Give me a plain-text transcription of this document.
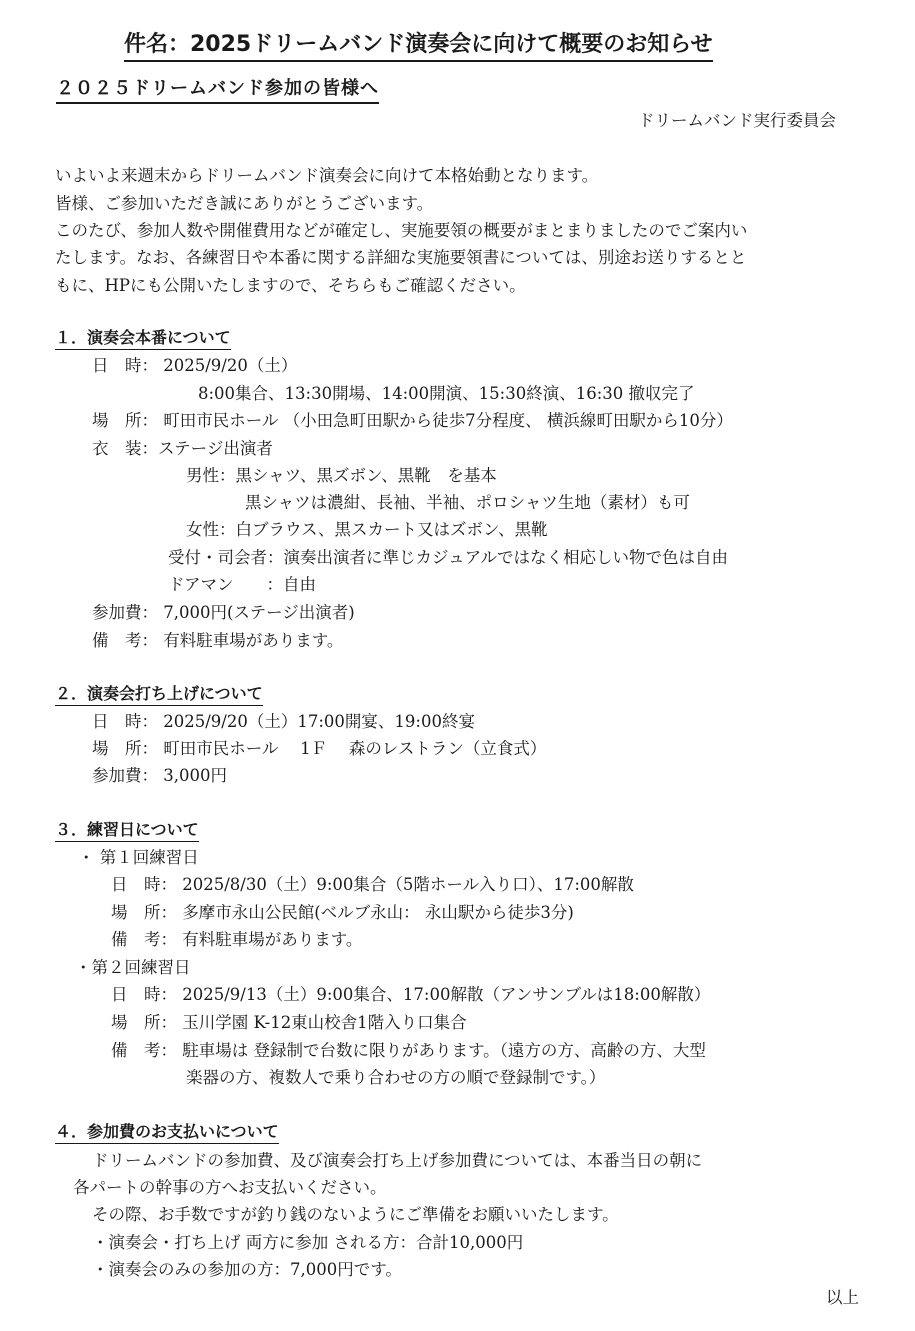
件名：2025ドリームバンド演奏会に向けて概要のお知らせ
２０２５ドリームバンド参加の皆様へ
ドリームバンド実行委員会
いよいよ来週末からドリームバンド演奏会に向けて本格始動となります。
皆様、ご参加いただき誠にありがとうございます。
このたび、参加人数や開催費用などが確定し、実施要領の概要がまとまりましたのでご案内い
たします。なお、各練習日や本番に関する詳細な実施要領書については、別途お送りするとと
もに、HPにも公開いたしますので、そちらもご確認ください。
１．演奏会本番について
日　時： 2025/9/20（土）
8:00集合、13:30開場、14:00開演、15:30終演、16:30 撤収完了
場　所： 町田市民ホール （小田急町田駅から徒歩7分程度、 横浜線町田駅から10分）
衣　装：ステージ出演者
男性：黒シャツ、黒ズボン、黒靴　を基本
黒シャツは濃紺、長袖、半袖、ポロシャツ生地（素材）も可
女性：白ブラウス、黒スカート又はズボン、黒靴
受付・司会者：演奏出演者に準じカジュアルではなく相応しい物で色は自由
ドアマン　　：自由
参加費： 7,000円(ステージ出演者)
備　考： 有料駐車場があります。
２．演奏会打ち上げについて
日　時： 2025/9/20（土）17:00開宴、19:00終宴
場　所： 町田市民ホール　 1Ｆ　 森のレストラン（立食式）
参加費： 3,000円
３．練習日について
・ 第１回練習日
日　時： 2025/8/30（土）9:00集合（5階ホール入り口）、17:00解散
場　所： 多摩市永山公民館(ベルブ永山： 永山駅から徒歩3分)
備　考： 有料駐車場があります。
・第２回練習日
日　時： 2025/9/13（土）9:00集合、17:00解散（アンサンブルは18:00解散）
場　所： 玉川学園 K-12東山校舎1階入り口集合
備　考： 駐車場は 登録制で台数に限りがあります。（遠方の方、高齢の方、大型
楽器の方、複数人で乗り合わせの方の順で登録制です。）
４．参加費のお支払いについて
ドリームバンドの参加費、及び演奏会打ち上げ参加費については、本番当日の朝に
各パートの幹事の方へお支払いください。
その際、お手数ですが釣り銭のないようにご準備をお願いいたします。
・演奏会・打ち上げ 両方に参加 される方：合計10,000円
・演奏会のみの参加の方：7,000円です。
以上
